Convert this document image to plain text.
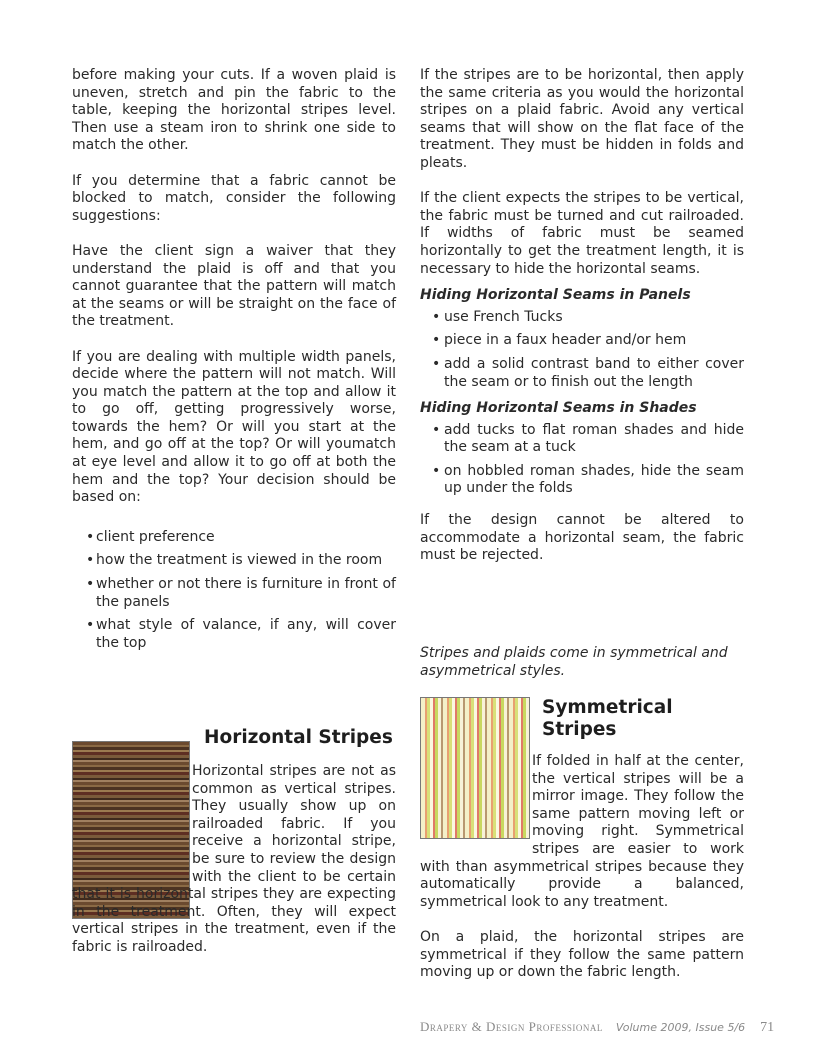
before making your cuts. If a woven plaid is uneven, stretch and pin the fabric to the table, keeping the horizontal stripes level. Then use a steam iron to shrink one side to match the other.

If you determine that a fabric cannot be blocked to match, consider the following suggestions:

Have the client sign a waiver that they understand the plaid is off and that you cannot guarantee that the pattern will match at the seams or will be straight on the face of the treatment.

If you are dealing with multiple width panels, decide where the pattern will not match. Will you match the pattern at the top and allow it to go off, getting progressively worse, towards the hem? Or will you start at the hem, and go off at the top? Or will youmatch at eye level and allow it to go off at both the hem and the top? Your decision should be based on:

• client preference
• how the treatment is viewed in the room
• whether or not there is furniture in front of the panels
• what style of valance, if any, will cover the top
Horizontal Stripes

Horizontal stripes are not as common as vertical stripes. They usually show up on railroaded fabric. If you receive a horizontal stripe, be sure to review the design with the client to be certain that it is horizontal stripes they are expecting in the treatment. Often, they will expect vertical stripes in the treatment, even if the fabric is railroaded.

If the stripes are to be horizontal, then apply the same criteria as you would the horizontal stripes on a plaid fabric. Avoid any vertical seams that will show on the flat face of the treatment. They must be hidden in folds and pleats.

If the client expects the stripes to be vertical, the fabric must be turned and cut railroaded. If widths of fabric must be seamed horizontally to get the treatment length, it is necessary to hide the horizontal seams.

Hiding Horizontal Seams in Panels
• use French Tucks
• piece in a faux header and/or hem
• add a solid contrast band to either cover the seam or to finish out the length
Hiding Horizontal Seams in Shades
• add tucks to flat roman shades and hide the seam at a tuck
• on hobbled roman shades, hide the seam up under the folds

If the design cannot be altered to accommodate a horizontal seam, the fabric must be rejected.

Stripes and plaids come in symmetrical and asymmetrical styles.

Symmetrical Stripes

If folded in half at the center, the vertical stripes will be a mirror image. They follow the same pattern moving left or moving right. Symmetrical stripes are easier to work with than asymmetrical stripes because they automatically provide a balanced, symmetrical look to any treatment.

On a plaid, the horizontal stripes are symmetrical if they follow the same pattern moving up or down the fabric length.

Drapery & Design Professional Volume 2009, Issue 5/6 71
